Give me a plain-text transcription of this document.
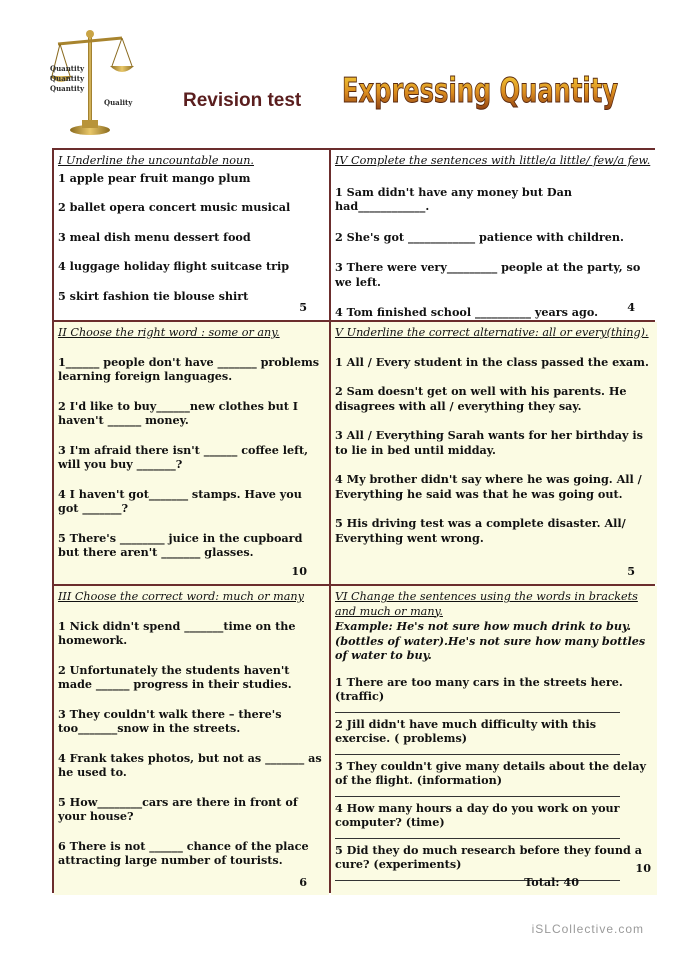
Quantity
Quantity
Quantity
Quality	Revision test Expressing Quantity
I Underline the uncountable noun.
1 apple pear fruit mango plum
2 ballet opera concert music musical
3 meal dish menu dessert food
4 luggage holiday flight suitcase trip
5 skirt fashion tie blouse shirt
5
IV Complete the sentences with little/a little/ few/a few.
1 Sam didn't have any money but Dan had____________.
2 She's got ____________ patience with children.
3 There were very_________ people at the party, so we left.
4 Tom finished school __________ years ago.	4
II Choose the right word : some or any.
1______ people don't have _______ problems learning foreign languages.
2 I'd like to buy______new clothes but I haven't ______ money.
3 I'm afraid there isn't ______ coffee left, will you buy _______?
4 I haven't got_______ stamps. Have you got _______?
5 There's ________ juice in the cupboard but there aren't _______ glasses.
10
V Underline the correct alternative: all or every(thing).
1 All / Every student in the class passed the exam.
2 Sam doesn't get on well with his parents. He disagrees with all / everything they say.
3 All / Everything Sarah wants for her birthday is to lie in bed until midday.
4 My brother didn't say where he was going. All / Everything he said was that he was going out.
5 His driving test was a complete disaster. All/ Everything went wrong.
5
III Choose the correct word: much or many
1 Nick didn't spend _______time on the homework.
2 Unfortunately the students haven't made ______ progress in their studies.
3 They couldn't walk there – there's too_______snow in the streets.
4 Frank takes photos, but not as _______ as he used to.
5 How________cars are there in front of your house?
6 There is not ______ chance of the place attracting large number of tourists.
6
VI Change the sentences using the words in brackets and much or many.
Example: He's not sure how much drink to buy. (bottles of water).He's not sure how many bottles of water to buy.
1 There are too many cars in the streets here. (traffic)
2 Jill didn't have much difficulty with this exercise. ( problems)
3 They couldn't give many details about the delay of the flight. (information)
4 How many hours a day do you work on your computer? (time)
5 Did they do much research before they found a cure? (experiments)	10
Total: 40
iSLCollective.com
